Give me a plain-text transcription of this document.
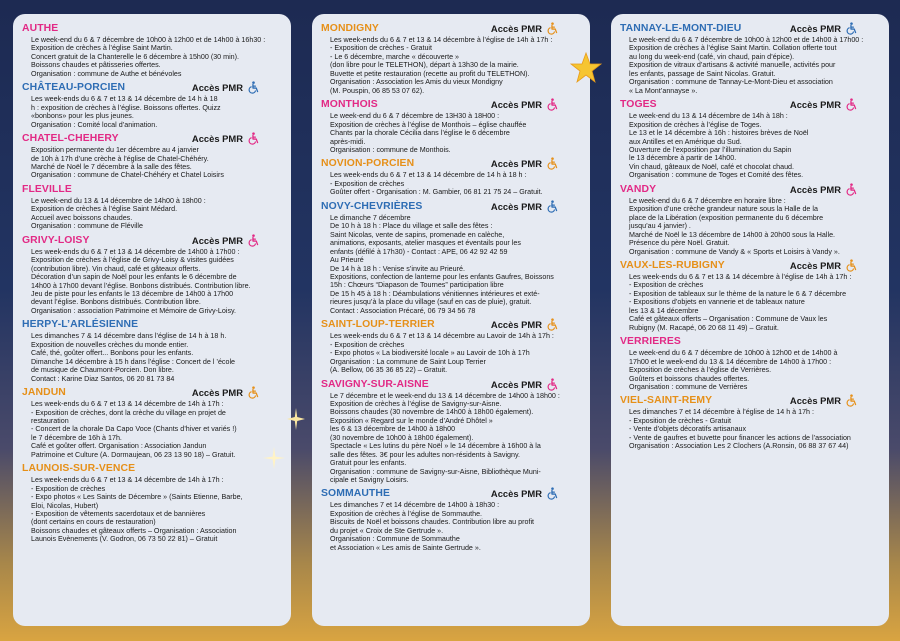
AUTHE
Le week-end du 6 & 7 décembre de 10h00 à 12h00 et de 14h00 à 16h30 :
Exposition de crèches à l’église Saint Martin.
Concert gratuit de la Chanterelle le 6 décembre à 15h00 (30 min).
Boissons chaudes et pâtisseries offertes.
Organisation : commune de Authe et bénévoles
CHÂTEAU-PORCIEN	Accès PMR
Les week-ends du 6 & 7 et 13 & 14 décembre de 14 h à 18
h : exposition de crèches à l’église. Boissons offertes. Quizz
«bonbons» pour les plus jeunes.
Organisation : Comité local d’animation.
CHATEL-CHEHERY	Accès PMR
Exposition permanente du 1er décembre au 4 janvier
de 10h à 17h d’une crèche à l’église de Chatel-Chéhéry.
Marché de Noël le 7 décembre à la salle des fêtes.
Organisation : commune de Chatel-Chéhéry et Chatel Loisirs
FLEVILLE
Le week-end du 13 & 14 décembre de 14h00 à 18h00 :
Exposition de crèches à l’église Saint Médard.
Accueil avec boissons chaudes.
Organisation : commune de Fléville
GRIVY-LOISY	Accès PMR
Les week-ends du 6 & 7 et 13 & 14 décembre de 14h00 à 17h00 :
Exposition de crèches à l’église de Grivy-Loisy & visites guidées
(contribution libre). Vin chaud, café et gâteaux offerts.
Décoration d’un sapin de Noël pour les enfants le 6 décembre de
14h00 à 17h00 devant l’église. Bonbons distribués. Contribution libre.
Jeu de piste pour les enfants le 13 décembre de 14h00 à 17h00
devant l’église. Bonbons distribués. Contribution libre.
Organisation : association Patrimoine et Mémoire de Grivy-Loisy.
HERPY-L’ARLÉSIENNE
Les dimanches 7 & 14 décembre dans l’église de 14 h à 18 h.
Exposition de nouvelles crèches du monde entier.
Café, thé, goûter offert... Bonbons pour les enfants.
Dimanche 14 décembre à 15 h dans l’église : Concert de l ’école
de musique de Chaumont-Porcien. Don libre.
Contact : Karine Diaz Santos, 06 20 81 73 84
JANDUN	Accès PMR
Les week-ends du 6 & 7 et 13 & 14 décembre de 14h à 17h :
- Exposition de crèches, dont la crèche du village en projet de
restauration
- Concert de la chorale Da Capo Voce (Chants d’hiver et variés !)
le 7 décembre de 16h à 17h.
Café et goûter offert. Organisation : Association Jandun
Patrimoine et Culture (A. Dormaujean, 06 23 13 90 18) – Gratuit.
LAUNOIS-SUR-VENCE
Les week-ends du 6 & 7 et 13 & 14 décembre de 14h à 17h :
- Exposition de crèches
- Expo photos « Les Saints de Décembre » (Saints Etienne, Barbe,
Eloi, Nicolas, Hubert)
- Exposition de vêtements sacerdotaux et de bannières
(dont certains en cours de restauration)
Boissons chaudes et gâteaux offerts – Organisation : Association
Launois Evènements (V. Godron, 06 73 50 22 81) – Gratuit
MONDIGNY	Accès PMR
Les week-ends du 6 & 7 et 13 & 14 décembre à l’église de 14h à 17h :
- Exposition de crèches - Gratuit
- Le 6 décembre, marche « découverte »
(don libre pour le TELETHON), départ à 13h30 de la mairie.
Buvette et petite restauration (recette au profit du TELETHON).
Organisation : Association les Amis du vieux Mondigny
(M. Pouspin, 06 85 53 07 62).
MONTHOIS	Accès PMR
Le week-end du 6 & 7 décembre de 13H30 à 18H00 :
Exposition de crèches à l’église de Monthois – église chauffée
Chants par la chorale Cécilia dans l’église le 6 décembre
après-midi.
Organisation : commune de Monthois.
NOVION-PORCIEN	Accès PMR
Les week-ends du 6 & 7 et 13 & 14 décembre de 14 h à 18 h :
- Exposition de crèches
Goûter offert - Organisation : M. Gambier, 06 81 21 75 24 – Gratuit.
NOVY-CHEVRIÈRES	Accès PMR
Le dimanche 7 décembre
De 10 h à 18 h : Place du village et salle des fêtes :
Saint Nicolas, vente de sapins, promenade en calèche,
animations, exposants, atelier masques et éventails pour les
enfants (défilé à 17h30) - Contact : APE, 06 42 92 42 59
Au Prieuré
De 14 h à 18 h : Venise s’invite au Prieuré.
Expositions, confection de lanterne pour les enfants Gaufres, Boissons
15h : Chœurs “Diapason de Tournes” participation libre
De 15 h 45 à 18 h : Déambulations vénitiennes intérieures et exté-
rieures jusqu’à la place du village (sauf en cas de pluie), gratuit.
Contact : Association Précaré, 06 79 34 56 78
SAINT-LOUP-TERRIER	Accès PMR
Les week-ends du 6 & 7 et 13 & 14 décembre au Lavoir de 14h à 17h :
- Exposition de crèches
- Expo photos « La biodiversité locale » au Lavoir de 10h à 17h
Organisation : La commune de Saint Loup Terrier
(A. Bellow, 06 35 36 85 22) – Gratuit.
SAVIGNY-SUR-AISNE	Accès PMR
Le 7 décembre et le week-end du 13 & 14 décembre de 14h00 à 18h00 :
Exposition de crèches à l’église de Savigny-sur-Aisne.
Boissons chaudes (30 novembre de 14h00 à 18h00 également).
Exposition « Regard sur le monde d’André Dhôtel »
les 6 & 13 décembre de 14h00 à 18h00
(30 novembre de 10h00 à 18h00 également).
Spectacle « Les lutins du père Noël » le 14 décembre à 16h00 à la
salle des fêtes. 3€ pour les adultes non-résidents à Savigny.
Gratuit pour les enfants.
Organisation : commune de Savigny-sur-Aisne, Bibliothèque Muni-
cipale et Savigny Loisirs.
SOMMAUTHE	Accès PMR
Les dimanches 7 et 14 décembre de 14h00 à 18h30 :
Exposition de crèches à l’église de Sommauthe.
Biscuits de Noël et boissons chaudes. Contribution libre au profit
du projet « Croix de Ste Gertrude ».
Organisation : Commune de Sommauthe
et Association « Les amis de Sainte Gertrude ».
TANNAY-LE-MONT-DIEU	Accès PMR
Le week-end du 6 & 7 décembre de 10h00 à 12h00 et de 14h00 à 17h00 :
Exposition de crèches à l’église Saint Martin. Collation offerte tout
au long du week-end (café, vin chaud, pain d’épice).
Exposition de vitraux d’artisans & activité manuelle, activités pour
les enfants, passage de Saint Nicolas. Gratuit.
Organisation : commune de Tannay-Le-Mont-Dieu et association
« La Mont’annayse ».
TOGES	Accès PMR
Le week-end du 13 & 14 décembre de 14h à 18h :
Exposition de crèches à l’église de Toges.
Le 13 et le 14 décembre à 16h : histoires brèves de Noël
aux Antilles et en Amérique du Sud.
Ouverture de l’exposition par l’illumination du Sapin
le 13 décembre à partir de 14h00.
Vin chaud, gâteaux de Noël, café et chocolat chaud.
Organisation : commune de Toges et Comité des fêtes.
VANDY	Accès PMR
Le week-end du 6 & 7 décembre en horaire libre :
Exposition d’une crèche grandeur nature sous la Halle de la
place de la Libération (exposition permanente du 6 décembre
jusqu’au 4 janvier) .
Marché de Noël le 13 décembre de 14h00 à 20h00 sous la Halle.
Présence du père Noël. Gratuit.
Organisation : commune de Vandy & « Sports et Loisirs à Vandy ».
VAUX-LES-RUBIGNY	Accès PMR
Les week-ends du 6 & 7 et 13 & 14 décembre à l’église de 14h à 17h :
- Exposition de crèches
- Exposition de tableaux sur le thème de la nature le 6 & 7 décembre
- Expositions d’objets en vannerie et de tableaux nature
les 13 & 14 décembre
Café et gâteaux offerts – Organisation : Commune de Vaux les
Rubigny (M. Racapé, 06 20 68 11 49) – Gratuit.
VERRIERES
Le week-end du 6 & 7 décembre de 10h00 à 12h00 et de 14h00 à
17h00 et le week-end du 13 & 14 décembre de 14h00 à 17h00 :
Exposition de crèches à l’église de Verrières.
Goûters et boissons chaudes offertes.
Organisation : commune de Verrières
VIEL-SAINT-REMY	Accès PMR
Les dimanches 7 et 14 décembre à l’église de 14 h à 17h :
- Exposition de crèches - Gratuit
- Vente d’objets décoratifs artisanaux
- Vente de gaufres et buvette pour financer les actions de l’association
Organisation : Association Les 2 Clochers (A.Ronsin, 06 88 37 67 44)
